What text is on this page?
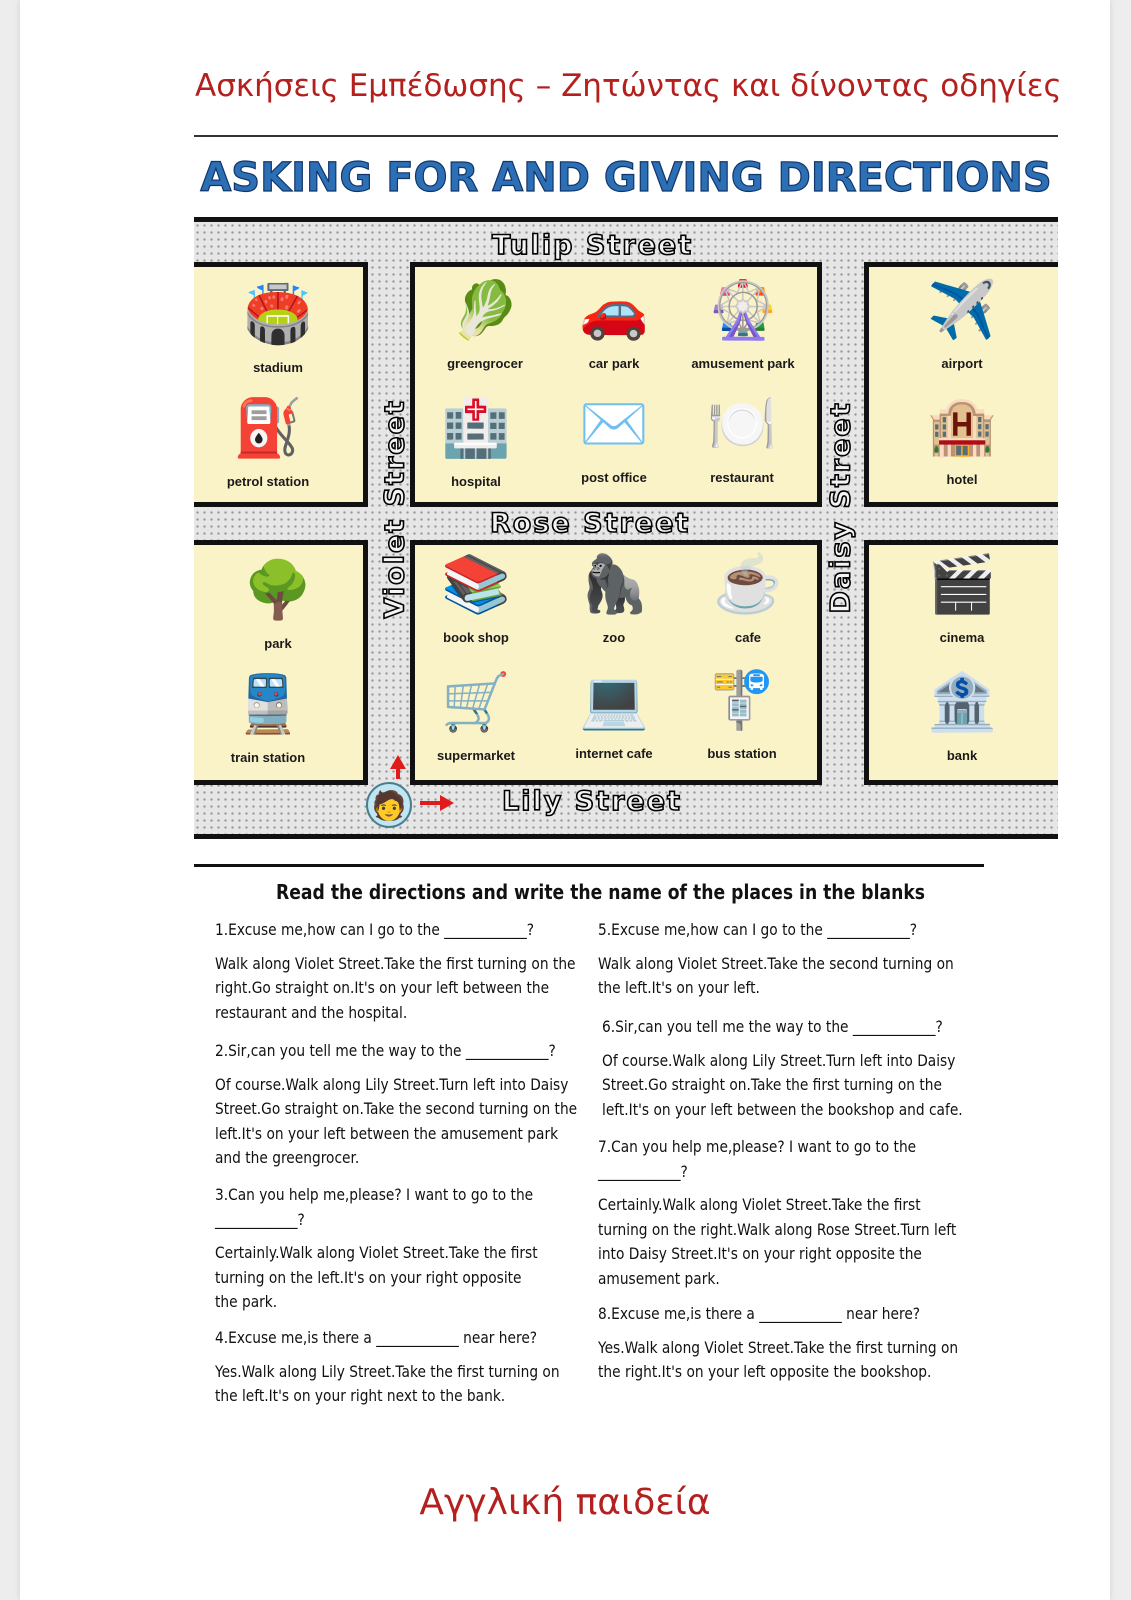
Ασκήσεις Εμπέδωσης – Ζητώντας και δίνοντας οδηγίες
ASKING FOR AND GIVING DIRECTIONS
Tulip Street
Rose Street
Lily Street
Violet Street	Daisy Street
🏟️
stadium
⛽
petrol station
🥬
greengrocer
🚗
car park
🎡
amusement park
🏥
hospital
✉️
post office
🍽️
restaurant
✈️
airport
🏨
hotel
🌳
park
🚆
train station
📚
book shop
🦍
zoo
☕
cafe
🛒
supermarket
💻
internet cafe
🚏
bus station
🎬
cinema
🏦
bank
🧑
Read the directions and write the name of the places in the blanks
1.Excuse me,how can I go to the ____________?
Walk along Violet Street.Take the first turning on the right.Go straight on.It's on your left between the restaurant and the hospital.
2.Sir,can you tell me the way to the ____________?
Of course.Walk along Lily Street.Turn left into Daisy Street.Go straight on.Take the second turning on the left.It's on your left between the amusement park and the greengrocer.
3.Can you help me,please? I want to go to the ____________?
Certainly.Walk along Violet Street.Take the first turning on the left.It's on your right opposite the park.
4.Excuse me,is there a ____________ near here?
Yes.Walk along Lily Street.Take the first turning on the left.It's on your right next to the bank.
5.Excuse me,how can I go to the ____________?
Walk along Violet Street.Take the second turning on the left.It's on your left.
6.Sir,can you tell me the way to the ____________?
Of course.Walk along Lily Street.Turn left into Daisy Street.Go straight on.Take the first turning on the left.It's on your left between the bookshop and cafe.
7.Can you help me,please? I want to go to the ____________?
Certainly.Walk along Violet Street.Take the first turning on the right.Walk along Rose Street.Turn left into Daisy Street.It's on your right opposite the amusement park.
8.Excuse me,is there a ____________ near here?
Yes.Walk along Violet Street.Take the first turning on the right.It's on your left opposite the bookshop.
Αγγλική παιδεία
